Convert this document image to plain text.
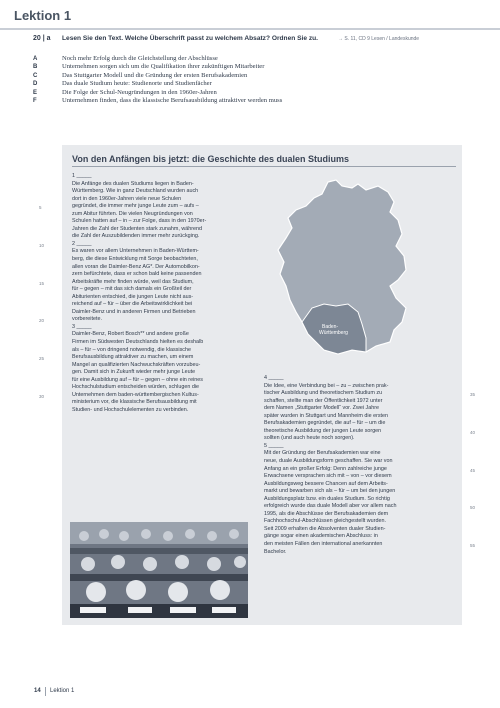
Lektion 1
20 | a Lesen Sie den Text. Welche Überschrift passt zu welchem Absatz? Ordnen Sie zu.	→ S. 11, CD 9 Lesen / Landeskunde
A	Noch mehr Erfolg durch die Gleichstellung der Abschlüsse
B	Unternehmen sorgen sich um die Qualifikation ihrer zukünftigen Mitarbeiter
C	Das Stuttgarter Modell und die Gründung der ersten Berufsakademien
D	Das duale Studium heute: Studienorte und Studienfächer
E	Die Folge der Schul-Neugründungen in den 1960er-Jahren
F	Unternehmen finden, dass die klassische Berufsausbildung attraktiver werden muss
Von den Anfängen bis jetzt: die Geschichte des dualen Studiums
1 _____
Die Anfänge des dualen Studiums liegen in Baden-
Württemberg. Wie in ganz Deutschland wurden auch
dort in den 1960er-Jahren viele neue Schulen
5	gegründet, die immer mehr junge Leute zum – aufs –
zum Abitur führten. Die vielen Neugründungen von
Schulen hatten auf – in – zur Folge, dass in den 1970er-
Jahren die Zahl der Studenten stark zunahm, während
die Zahl der Auszubildenden immer mehr zurückging.
10	2 _____
Es waren vor allem Unternehmen in Baden-Württem-
berg, die diese Entwicklung mit Sorge beobachteten,
allen voran die Daimler-Benz AG*. Der Automobilkon-
zern befürchtete, dass er schon bald keine passenden
15	Arbeitskräfte mehr finden würde, weil das Studium,
für – gegen – mit das sich damals ein Großteil der
Abiturienten entschied, die jungen Leute nicht aus-
reichend auf – für – über die Arbeitswirklichkeit bei
Daimler-Benz und in anderen Firmen und Betrieben
20	vorbereitete.
3 _____
Daimler-Benz, Robert Bosch** und andere große
Firmen im Südwesten Deutschlands hielten es deshalb
als – für – von dringend notwendig, die klassische
25	Berufsausbildung attraktiver zu machen, um einem
Mangel an qualifizierten Nachwuchskräften vorzubeu-
gen. Damit sich in Zukunft wieder mehr junge Leute
für eine Ausbildung auf – für – gegen – ohne ein reines
Hochschulstudium entscheiden würden, schlugen die
30	Unternehmen dem baden-württembergischen Kultus-
ministerium vor, die klassische Berufsausbildung mit
Studien- und Hochschulelementen zu verbinden.
4 _____
Die Idee, eine Verbindung bei – zu – zwischen prak-
35
tischer Ausbildung und theoretischem Studium zu
schaffen, stellte man der Öffentlichkeit 1972 unter
dem Namen „Stuttgarter Modell“ vor. Zwei Jahre
später wurden in Stuttgart und Mannheim die ersten
Berufsakademien gegründet, die auf – für – um die
40
theoretische Ausbildung der jungen Leute sorgen
sollten (und auch heute noch sorgen).
5 _____
Mit der Gründung der Berufsakademien war eine
neue, duale Ausbildungsform geschaffen. Sie war von
45
Anfang an ein großer Erfolg: Denn zahlreiche junge
Erwachsene versprachen sich mit – von – vor diesem
Ausbildungsweg bessere Chancen auf dem Arbeits-
markt und bewarben sich als – für – um bei den jungen
Ausbildungsplatz bzw. ein duales Studium. So richtig
50
erfolgreich wurde das duale Modell aber vor allem nach
1995, als die Abschlüsse der Berufsakademien dem
Fachhochschul-Abschlüssen gleichgestellt wurden.
Seit 2009 erhalten die Absolventen dualer Studien-
gänge sogar einen akademischen Abschluss: in
55
den meisten Fällen den international anerkannten
Bachelor.
Baden-
Württemberg
14 Lektion 1
